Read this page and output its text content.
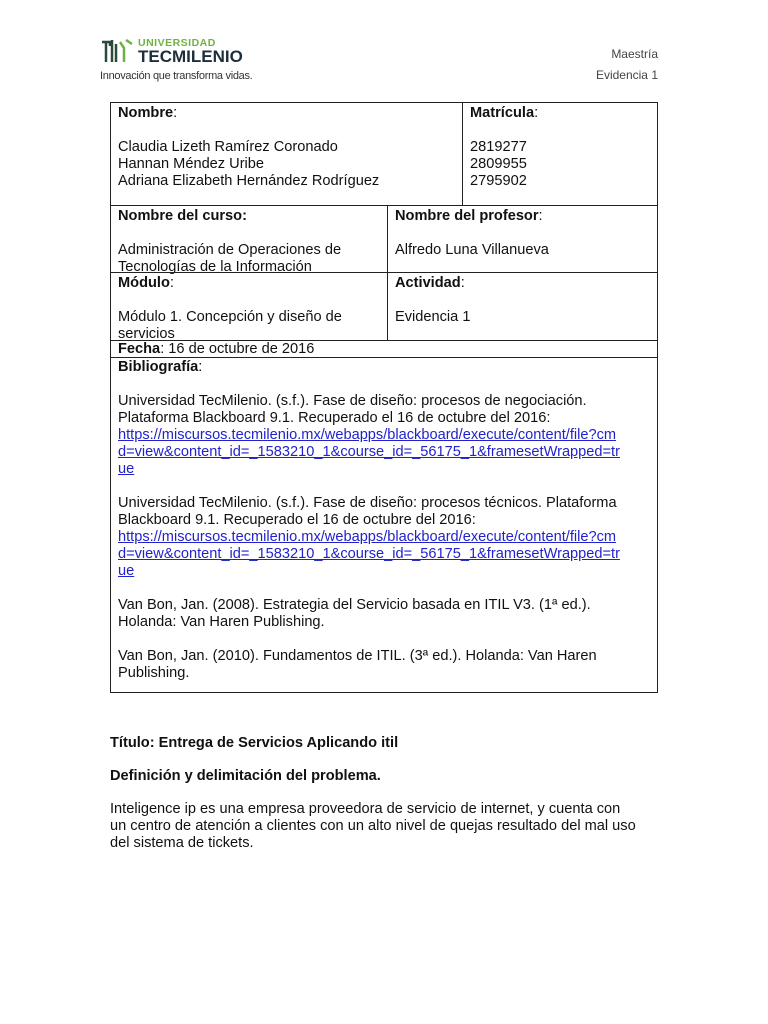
UNIVERSIDAD
TECMILENIO
Innovación que transforma vidas.
Maestría
Evidencia 1

Nombre:

Claudia Lizeth Ramírez Coronado

Hannan Méndez Uribe

Adriana Elizabeth Hernández Rodríguez

Matrícula:

2819277

2809955

2795902

Nombre del curso:

Administración de Operaciones de

Tecnologías de la Información

Nombre del profesor:

Alfredo Luna Villanueva

Módulo:

Módulo 1. Concepción y diseño de

servicios

Actividad:

Evidencia 1

Fecha: 16 de octubre de 2016

Bibliografía:

Universidad TecMilenio. (s.f.). Fase de diseño: procesos de negociación.

Plataforma Blackboard 9.1. Recuperado el 16 de octubre del 2016:

https://miscursos.tecmilenio.mx/webapps/blackboard/execute/content/file?cm
d=view&content_id=_1583210_1&course_id=_56175_1&framesetWrapped=tr
ue

Universidad TecMilenio. (s.f.). Fase de diseño: procesos técnicos. Plataforma

Blackboard 9.1. Recuperado el 16 de octubre del 2016:

https://miscursos.tecmilenio.mx/webapps/blackboard/execute/content/file?cm
d=view&content_id=_1583210_1&course_id=_56175_1&framesetWrapped=tr
ue

Van Bon, Jan. (2008). Estrategia del Servicio basada en ITIL V3. (1ª ed.).

Holanda: Van Haren Publishing.

Van Bon, Jan. (2010). Fundamentos de ITIL. (3ª ed.). Holanda: Van Haren

Publishing.

Título: Entrega de Servicios Aplicando itil
Definición y delimitación del problema.

Inteligence ip es una empresa proveedora de servicio de internet, y cuenta con

un centro de atención a clientes con un alto nivel de quejas resultado del mal uso

del sistema de tickets.
